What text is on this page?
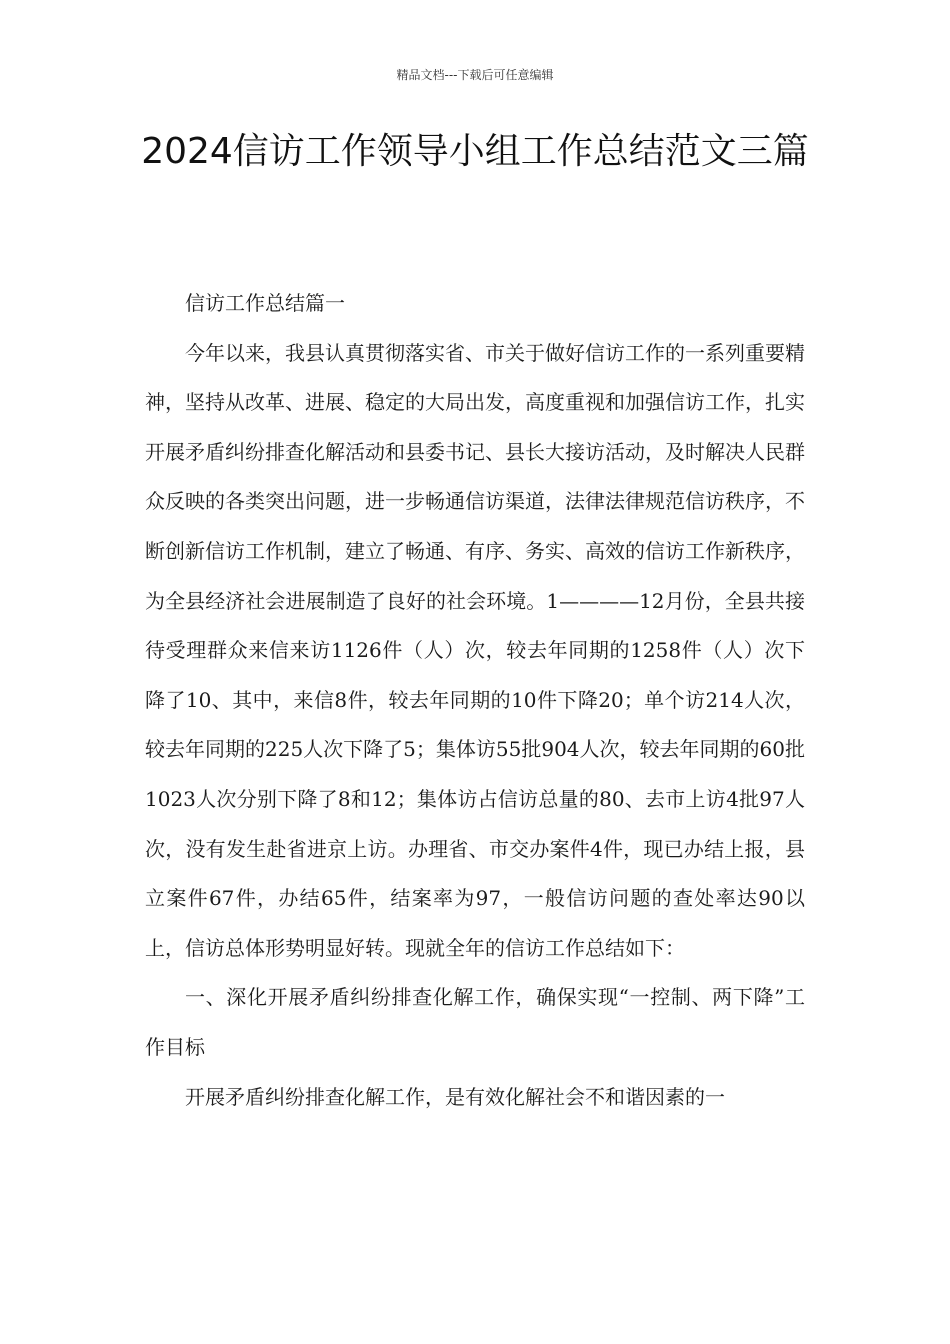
精品文档---下载后可任意编辑
2024信访工作领导小组工作总结范文三篇

信访工作总结篇一

今年以来，我县认真贯彻落实省、市关于做好信访工作的一系列重要精神，坚持从改革、进展、稳定的大局出发，高度重视和加强信访工作，扎实开展矛盾纠纷排查化解活动和县委书记、县长大接访活动，及时解决人民群众反映的各类突出问题，进一步畅通信访渠道，法律法律规范信访秩序，不断创新信访工作机制，建立了畅通、有序、务实、高效的信访工作新秩序，为全县经济社会进展制造了良好的社会环境。1————12月份，全县共接待受理群众来信来访1126件（人）次，较去年同期的1258件（人）次下降了10、其中，来信8件，较去年同期的10件下降20；单个访214人次，较去年同期的225人次下降了5；集体访55批904人次，较去年同期的60批1023人次分别下降了8和12；集体访占信访总量的80、去市上访4批97人次，没有发生赴省进京上访。办理省、市交办案件4件，现已办结上报，县立案件67件，办结65件，结案率为97，一般信访问题的查处率达90以上，信访总体形势明显好转。现就全年的信访工作总结如下：

一、深化开展矛盾纠纷排查化解工作，确保实现“一控制、两下降”工作目标

开展矛盾纠纷排查化解工作，是有效化解社会不和谐因素的一
